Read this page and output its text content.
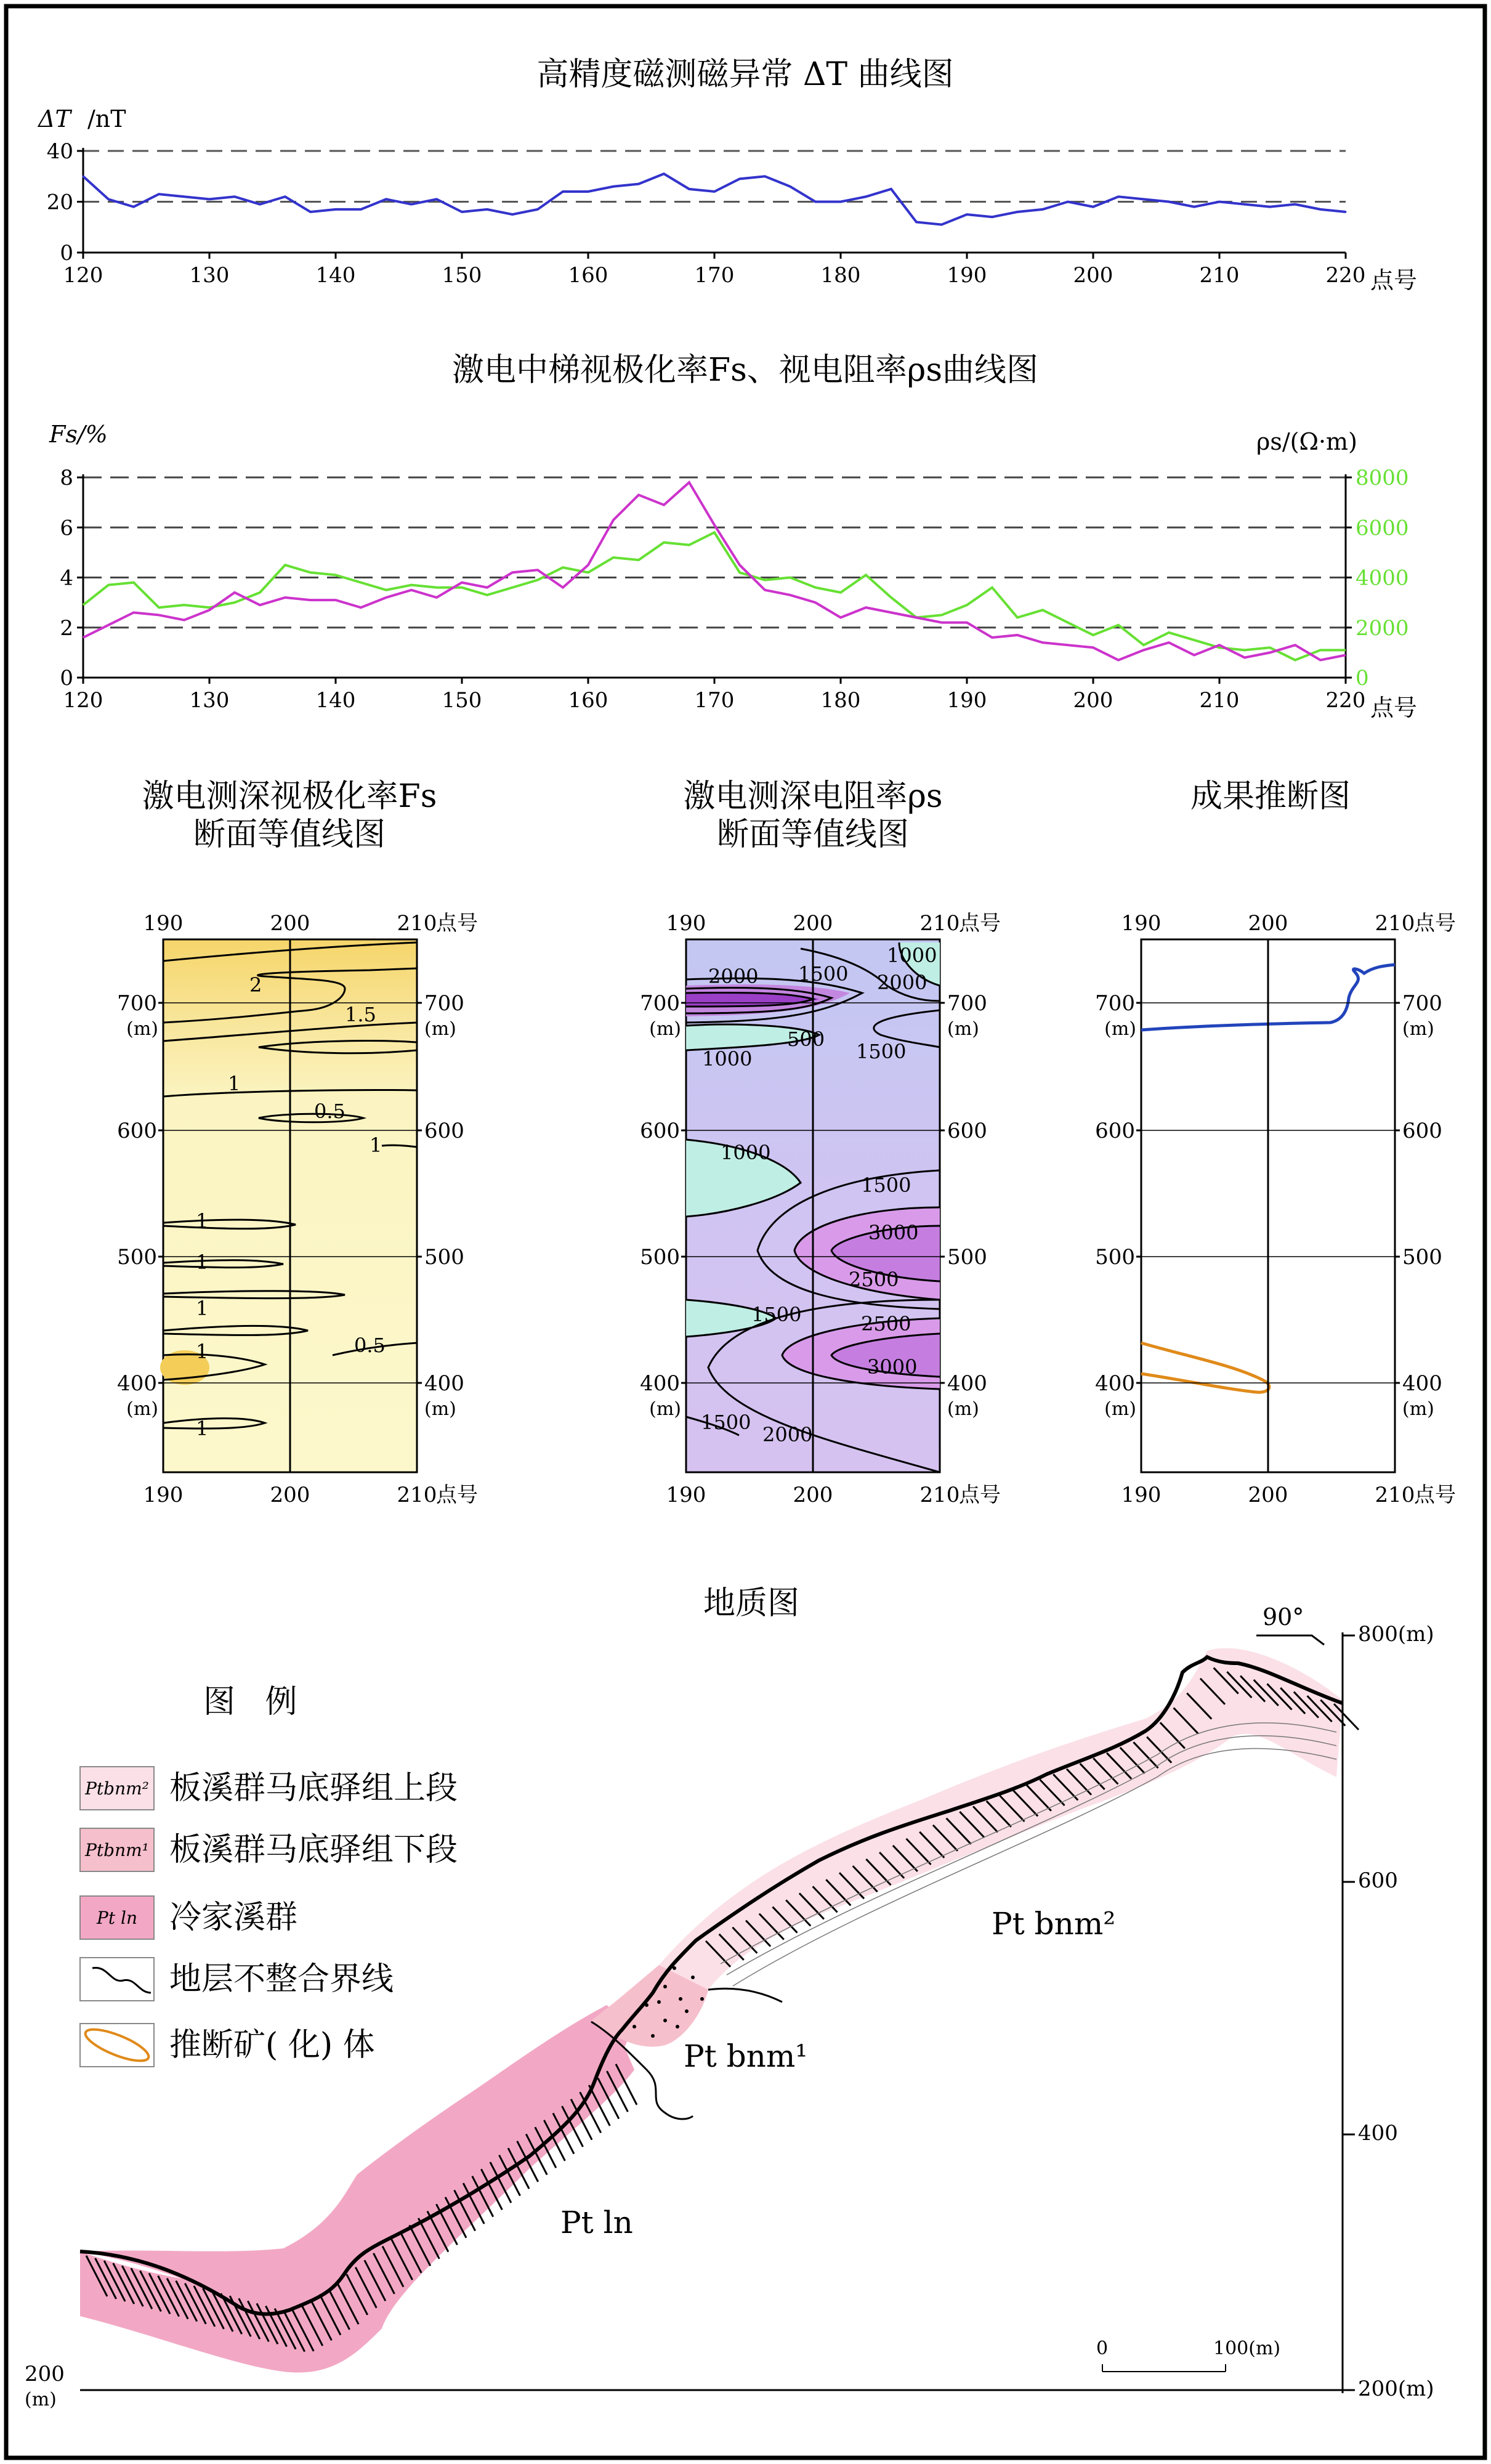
高精度磁测磁异常 ΔT 曲线图
ΔT /nT
120	130	140	150	160	170	180	190	200	210	220
0
20
40
点号
激电中梯视极化率Fs、视电阻率ρs曲线图
Fs/%	ρs/(Ω·m)
120	130	140	150	160	170	180	190	200	210	220
0
2
4
6
8
0
2000
4000
6000
8000
点号
激电测深视极化率Fs
断面等值线图
2
1.5
1
0.5
1
1
1
1
1	0.5
1
190
190
200
200
210
210
点号
点号
400	400
(m)	(m)
500	500
600	600
700	700
(m)	(m)
激电测深电阻率ρs
断面等值线图
2000 1500
1000
2000
500
1000	1500
1000
1500
3000
2500
1500	2500
3000
1500
2000
190
190
200
200
210
210
点号
点号
400	400
(m)	(m)
500	500
600	600
700	700
(m)	(m)
成果推断图
190
190
200
200
210
210
点号
点号
400	400
(m)	(m)
500	500
600	600
700	700
(m)	(m)
地质图
图 例
Ptbnm² 板溪群马底驿组上段
Ptbnm¹ 板溪群马底驿组下段
Pt ln 冷家溪群
地层不整合界线
推断矿( 化) 体
Pt bnm²
Pt bnm¹
Pt ln
90°
800(m)
600
400
200(m)
200
(m)
0	100(m)
